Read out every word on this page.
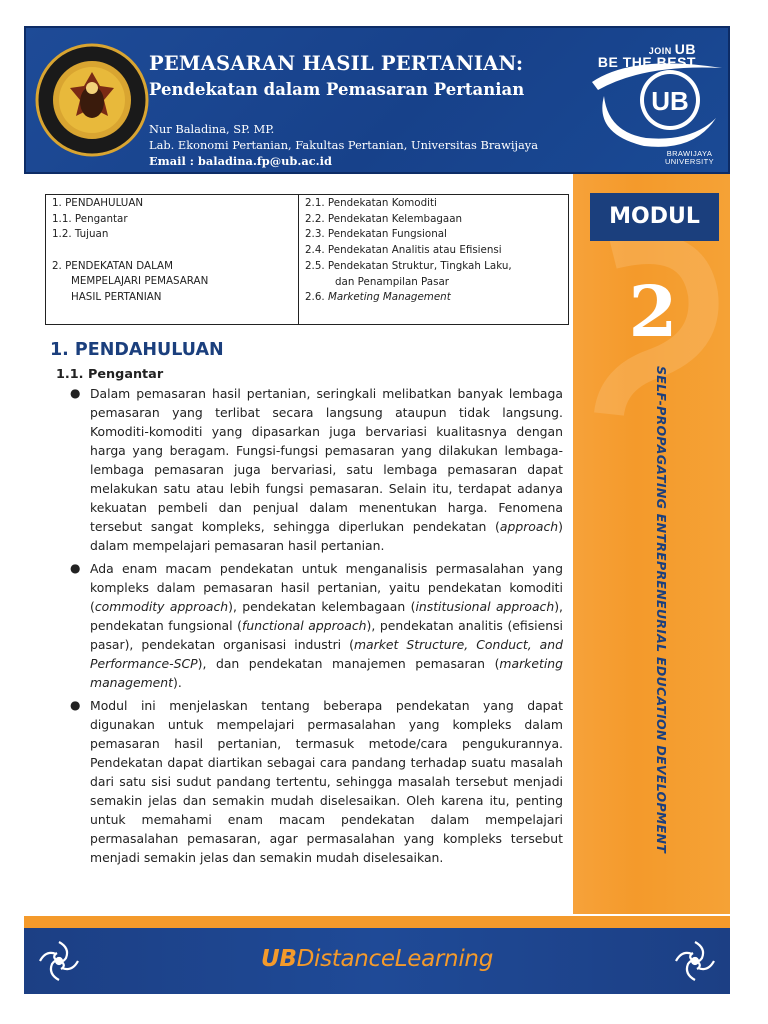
PEMASARAN HASIL PERTANIAN:
Pendekatan dalam Pemasaran Pertanian
Nur Baladina, SP. MP.
Lab. Ekonomi Pertanian, Fakultas Pertanian, Universitas Brawijaya
Email : baladina.fp@ub.ac.id
UB
JOIN UB
BE THE BEST
BRAWIJAYA
UNIVERSITY
MODUL
2
SELF-PROPAGATING ENTREPRENEURIAL EDUCATION DEVELOPMENT
1. PENDAHULUAN
1.1. Pengantar
1.2. Tujuan
2. PENDEKATAN DALAM
MEMPELAJARI PEMASARAN
HASIL PERTANIAN
2.1. Pendekatan Komoditi
2.2. Pendekatan Kelembagaan
2.3. Pendekatan Fungsional
2.4. Pendekatan Analitis atau Efisiensi
2.5. Pendekatan Struktur, Tingkah Laku,
dan Penampilan Pasar
2.6. Marketing Management
1. PENDAHULUAN
1.1. Pengantar
● Dalam pemasaran hasil pertanian, seringkali melibatkan banyak lembaga pemasaran yang terlibat secara langsung ataupun tidak langsung. Komoditi-komoditi yang dipasarkan juga bervariasi kualitasnya dengan harga yang beragam. Fungsi-fungsi pemasaran yang dilakukan lembaga-lembaga pemasaran juga bervariasi, satu lembaga pemasaran dapat melakukan satu atau lebih fungsi pemasaran. Selain itu, terdapat adanya kekuatan pembeli dan penjual dalam menentukan harga. Fenomena tersebut sangat kompleks, sehingga diperlukan pendekatan (approach) dalam mempelajari pemasaran hasil pertanian.
● Ada enam macam pendekatan untuk menganalisis permasalahan yang kompleks dalam pemasaran hasil pertanian, yaitu pendekatan komoditi (commodity approach), pendekatan kelembagaan (institusional approach), pendekatan fungsional (functional approach), pendekatan analitis (efisiensi pasar), pendekatan organisasi industri (market Structure, Conduct, and Performance-SCP), dan pendekatan manajemen pemasaran (marketing management).
● Modul ini menjelaskan tentang beberapa pendekatan yang dapat digunakan untuk mempelajari permasalahan yang kompleks dalam pemasaran hasil pertanian, termasuk metode/cara pengukurannya. Pendekatan dapat diartikan sebagai cara pandang terhadap suatu masalah dari satu sisi sudut pandang tertentu, sehingga masalah tersebut menjadi semakin jelas dan semakin mudah diselesaikan. Oleh karena itu, penting untuk memahami enam macam pendekatan dalam mempelajari permasalahan pemasaran, agar permasalahan yang kompleks tersebut menjadi semakin jelas dan semakin mudah diselesaikan.
UBDistanceLearning
